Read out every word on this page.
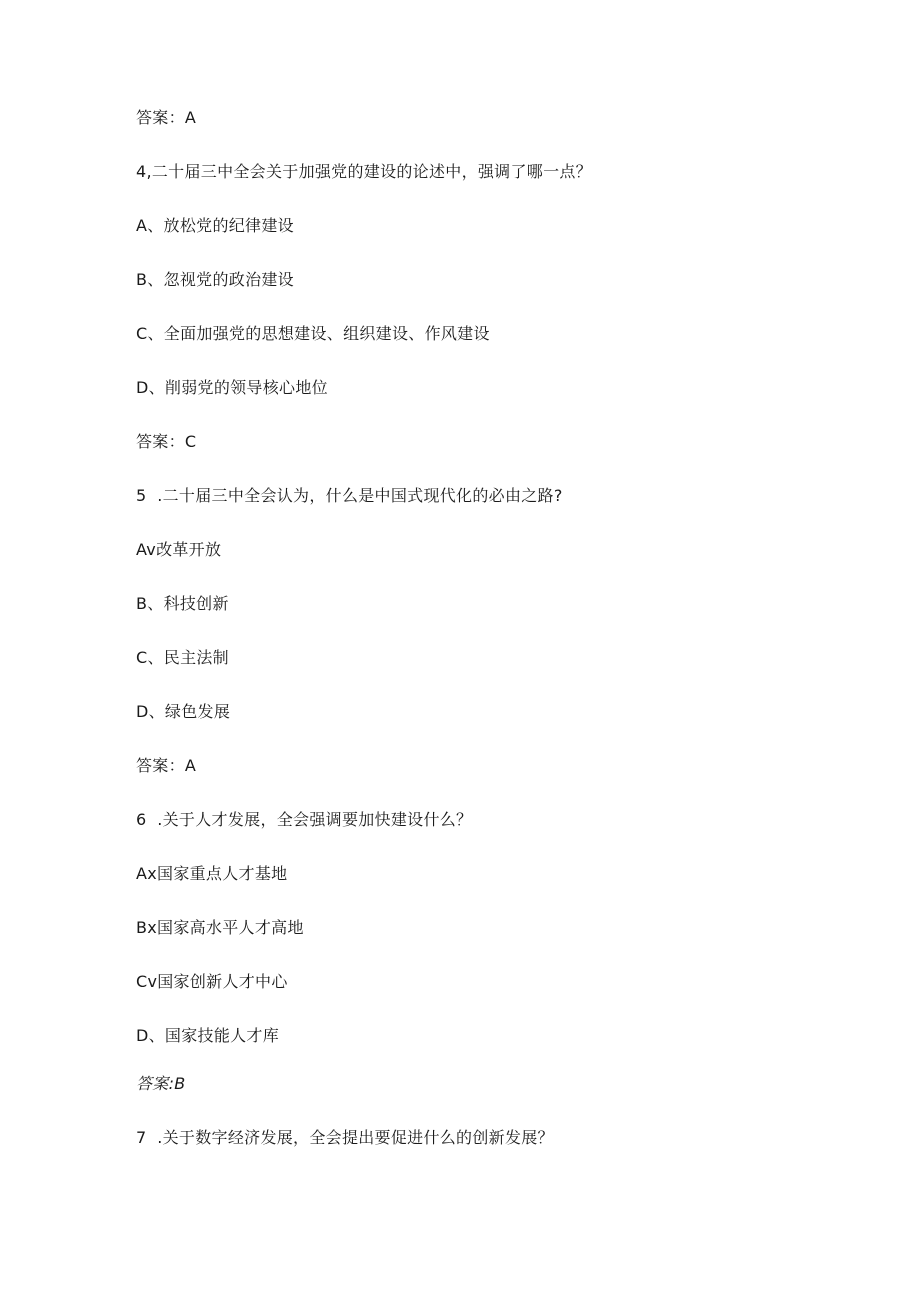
答案：A
4,二十届三中全会关于加强党的建设的论述中，强调了哪一点？
A、放松党的纪律建设
B、忽视党的政治建设
C、全面加强党的思想建设、组织建设、作风建设
D、削弱党的领导核心地位
答案：C
5  .二十届三中全会认为，什么是中国式现代化的必由之路?
Av改革开放
B、科技创新
C、民主法制
D、绿色发展
答案：A
6  .关于人才发展，全会强调要加快建设什么？
Ax国家重点人才基地
Bx国家高水平人才高地
Cv国家创新人才中心
D、国家技能人才库
答案:B
7  .关于数字经济发展，全会提出要促进什么的创新发展？
